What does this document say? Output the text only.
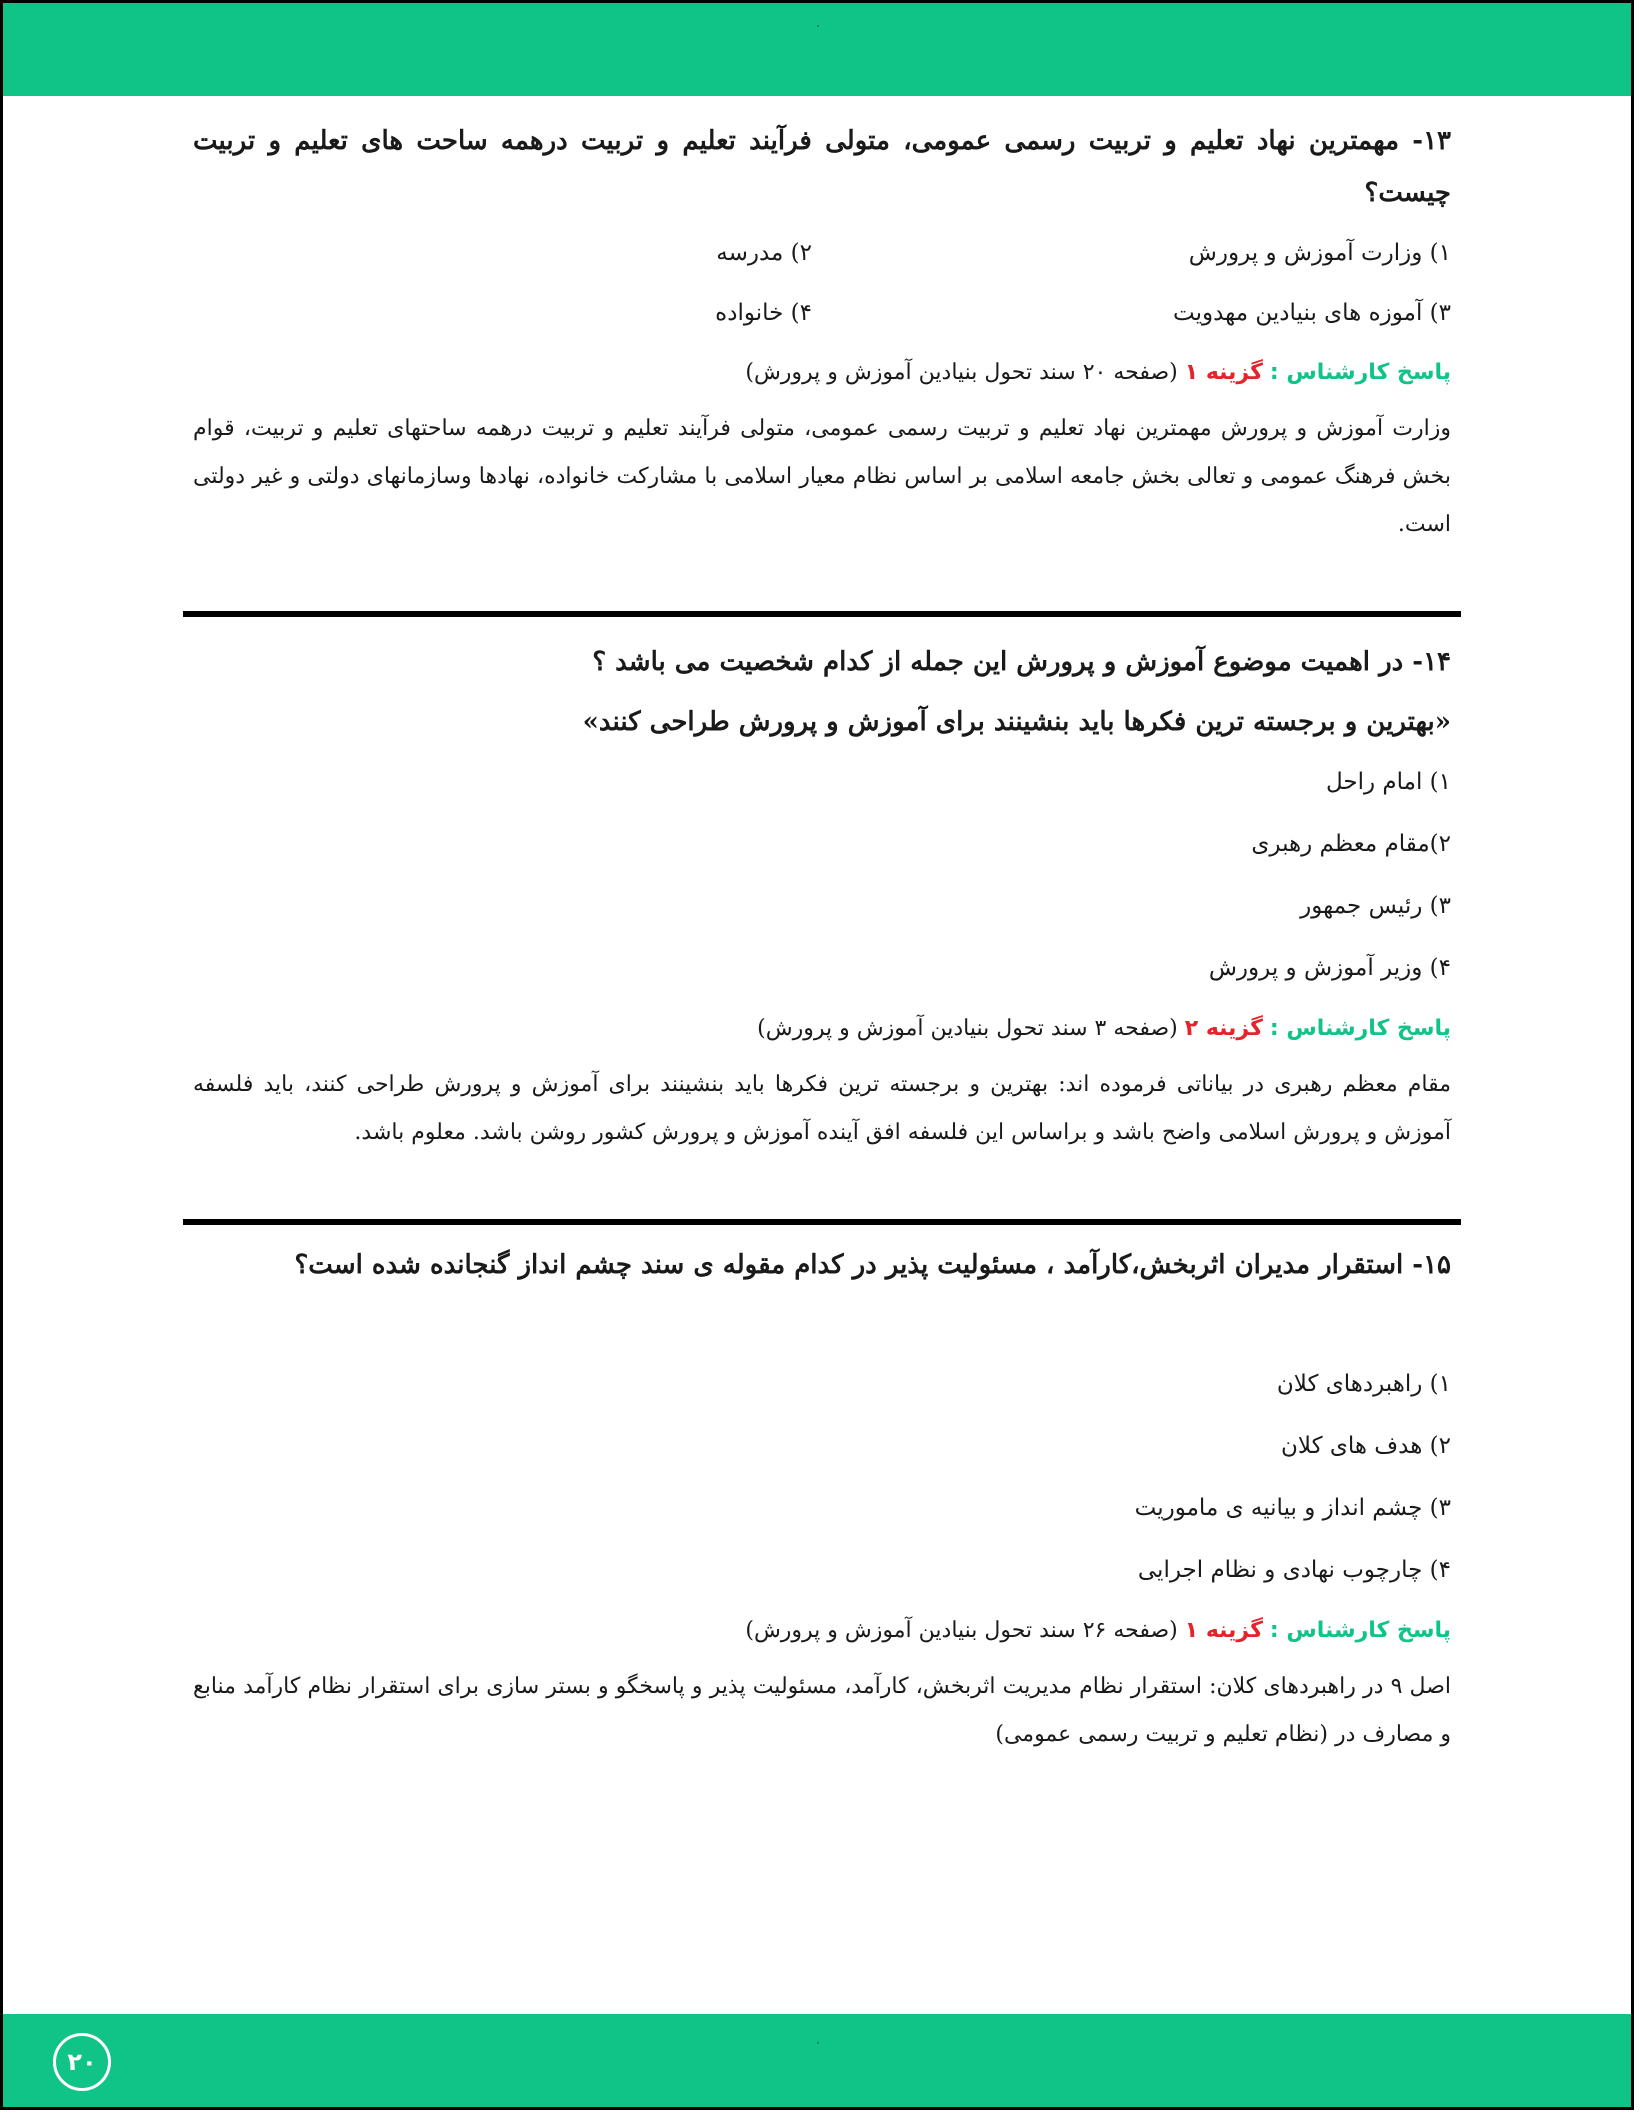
۱۳- مهمترین نهاد تعلیم و تربیت رسمی عمومی، متولی فرآیند تعلیم و تربیت درهمه ساحت های تعلیم و تربیت چیست؟
۱) وزارت آموزش و پرورش
۲) مدرسه
۳) آموزه های بنیادین مهدویت
۴) خانواده
پاسخ کارشناس : گزینه ۱ (صفحه ۲۰ سند تحول بنیادین آموزش و پرورش)
وزارت آموزش و پرورش مهمترین نهاد تعلیم و تربیت رسمی عمومی، متولی فرآیند تعلیم و تربیت درهمه ساحتهای تعلیم و تربیت، قوام بخش فرهنگ عمومی و تعالی بخش جامعه اسلامی بر اساس نظام معیار اسلامی با مشارکت خانواده، نهادها وسازمانهای دولتی و غیر دولتی است.
۱۴- در اهمیت موضوع آموزش و پرورش این جمله از کدام شخصیت می باشد ؟
«بهترین و برجسته ترین فکرها باید بنشینند برای آموزش و پرورش طراحی کنند»
۱) امام راحل
۲)مقام معظم رهبری
۳) رئیس جمهور
۴) وزیر آموزش و پرورش
پاسخ کارشناس : گزینه ۲ (صفحه ۳ سند تحول بنیادین آموزش و پرورش)
مقام معظم رهبری در بیاناتی فرموده اند: بهترین و برجسته ترین فکرها باید بنشینند برای آموزش و پرورش طراحی کنند، باید فلسفه آموزش و پرورش اسلامی واضح باشد و براساس این فلسفه افق آینده آموزش و پرورش کشور روشن باشد. معلوم باشد.
۱۵- استقرار مدیران اثربخش،کارآمد ، مسئولیت پذیر در کدام مقوله ی سند چشم انداز گنجانده شده است؟
۱) راهبردهای کلان
۲) هدف های کلان
۳) چشم انداز و بیانیه ی ماموریت
۴) چارچوب نهادی و نظام اجرایی
پاسخ کارشناس : گزینه ۱ (صفحه ۲۶ سند تحول بنیادین آموزش و پرورش)
اصل ۹ در راهبردهای کلان: استقرار نظام مدیریت اثربخش، کارآمد، مسئولیت پذیر و پاسخگو و بستر سازی برای استقرار نظام کارآمد منابع و مصارف در (نظام تعلیم و تربیت رسمی عمومی)
۲۰
